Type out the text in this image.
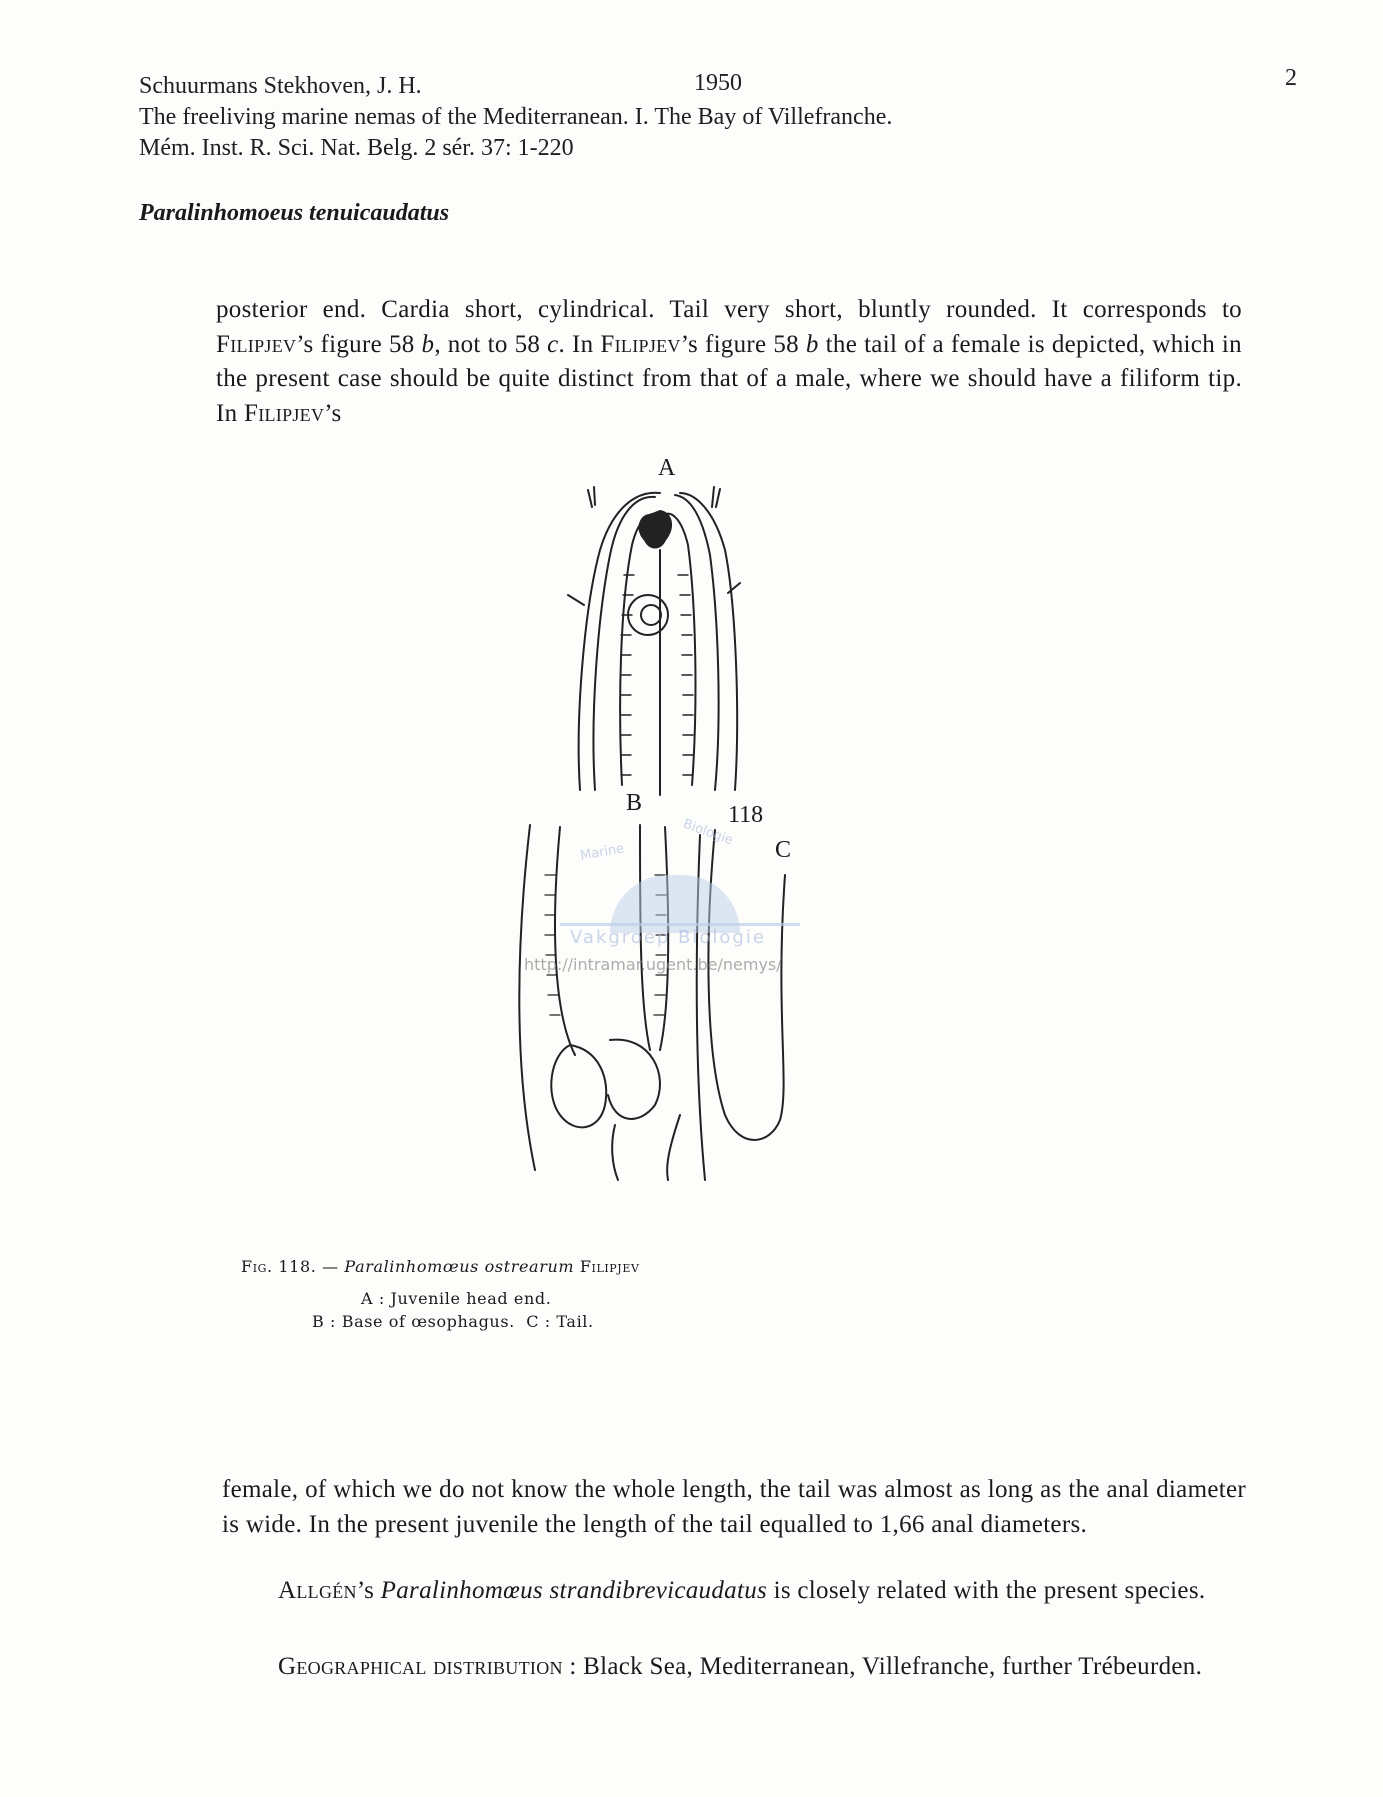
Schuurmans Stekhoven, J. H.	1950	2
The freeliving marine nemas of the Mediterranean. I. The Bay of Villefranche.
Mém. Inst. R. Sci. Nat. Belg. 2 sér. 37: 1-220
Paralinhomoeus tenuicaudatus

posterior end. Cardia short, cylindrical. Tail very short, bluntly rounded. It corresponds to Filipjev’s figure 58 b, not to 58 c. In Filipjev’s figure 58 b the tail of a female is depicted, which in the present case should be quite distinct from that of a male, where we should have a filiform tip. In Filipjev’s

A
B	118
C
Marine
Biologie
Vakgroep Biologie
http://intramar.ugent.be/nemys/
Fig. 118. — Paralinhomœus ostrearum Filipjev
A : Juvenile head end.
B : Base of œsophagus. C : Tail.

female, of which we do not know the whole length, the tail was almost as long as the anal diameter is wide. In the present juvenile the length of the tail equalled to 1,66 anal diameters.

Allgén’s Paralinhomœus strandibrevicaudatus is closely related with the present species.

Geographical distribution : Black Sea, Mediterranean, Villefranche, further Trébeurden.
